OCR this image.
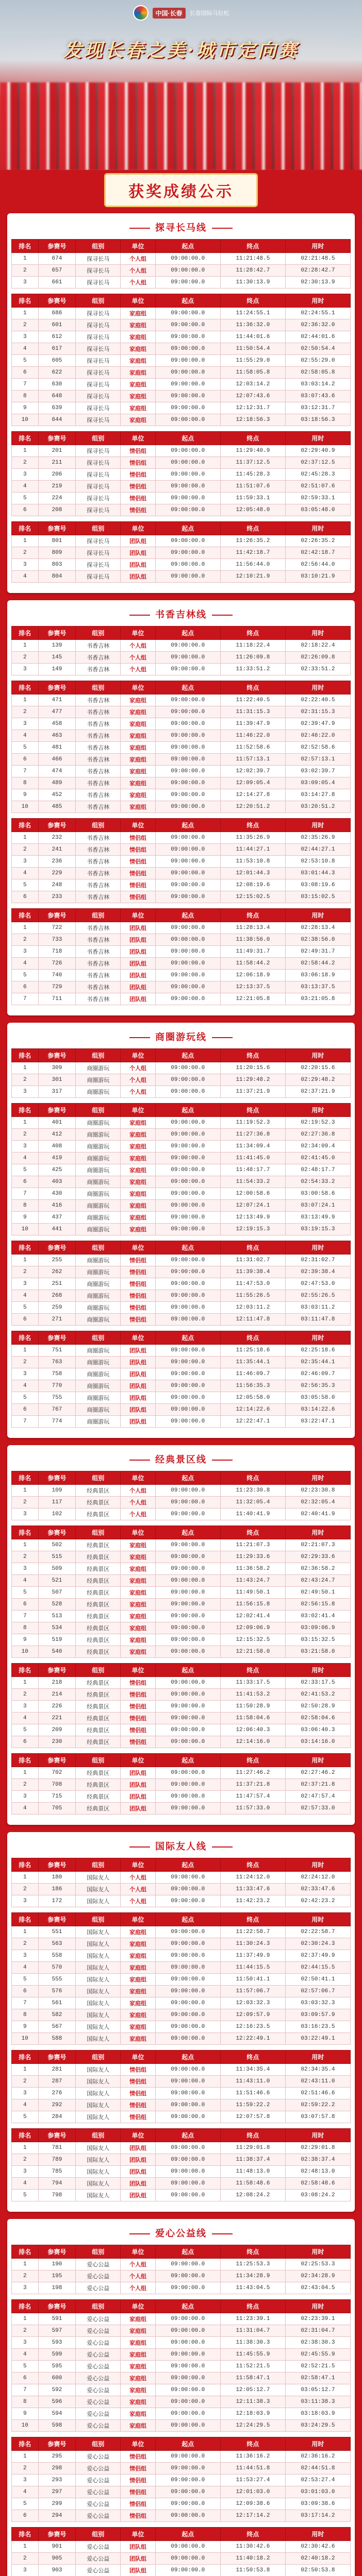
中国·长春	长春国际马拉松
发现长春之美·城市定向赛
获奖成绩公示
探寻长马线
排名	参赛号	组别	单位	起点	终点	用时
1	674	探寻长马	个人组	09:00:00.0	11:21:48.5	02:21:48.5
2	657	探寻长马	个人组	09:00:00.0	11:28:42.7	02:28:42.7
3	661	探寻长马	个人组	09:00:00.0	11:30:13.9	02:30:13.9
排名	参赛号	组别	单位	起点	终点	用时
1	686	探寻长马	家庭组	09:00:00.0	11:24:55.1	02:24:55.1
2	601	探寻长马	家庭组	09:00:00.0	11:36:32.0	02:36:32.0
3	612	探寻长马	家庭组	09:00:00.0	11:44:01.6	02:44:01.6
4	617	探寻长马	家庭组	09:00:00.0	11:50:54.4	02:50:54.4
5	605	探寻长马	家庭组	09:00:00.0	11:55:29.0	02:55:29.0
6	622	探寻长马	家庭组	09:00:00.0	11:58:05.8	02:58:05.8
7	630	探寻长马	家庭组	09:00:00.0	12:03:14.2	03:03:14.2
8	648	探寻长马	家庭组	09:00:00.0	12:07:43.6	03:07:43.6
9	639	探寻长马	家庭组	09:00:00.0	12:12:31.7	03:12:31.7
10	644	探寻长马	家庭组	09:00:00.0	12:18:56.3	03:18:56.3
排名	参赛号	组别	单位	起点	终点	用时
1	201	探寻长马	情侣组	09:00:00.0	11:29:40.9	02:29:40.9
2	211	探寻长马	情侣组	09:00:00.0	11:37:12.5	02:37:12.5
3	206	探寻长马	情侣组	09:00:00.0	11:45:28.3	02:45:28.3
4	219	探寻长马	情侣组	09:00:00.0	11:51:07.6	02:51:07.6
5	224	探寻长马	情侣组	09:00:00.0	11:59:33.1	02:59:33.1
6	208	探寻长马	情侣组	09:00:00.0	12:05:48.0	03:05:48.0
排名	参赛号	组别	单位	起点	终点	用时
1	801	探寻长马	团队组	09:00:00.0	11:26:35.2	02:26:35.2
2	809	探寻长马	团队组	09:00:00.0	11:42:18.7	02:42:18.7
3	803	探寻长马	团队组	09:00:00.0	11:56:44.0	02:56:44.0
4	804	探寻长马	团队组	09:00:00.0	12:10:21.9	03:10:21.9
书香吉林线
排名	参赛号	组别	单位	起点	终点	用时
1	139	书香吉林	个人组	09:00:00.0	11:18:22.4	02:18:22.4
2	145	书香吉林	个人组	09:00:00.0	11:26:09.8	02:26:09.8
3	149	书香吉林	个人组	09:00:00.0	11:33:51.2	02:33:51.2
排名	参赛号	组别	单位	起点	终点	用时
1	471	书香吉林	家庭组	09:00:00.0	11:22:40.5	02:22:40.5
2	477	书香吉林	家庭组	09:00:00.0	11:31:15.3	02:31:15.3
3	458	书香吉林	家庭组	09:00:00.0	11:39:47.9	02:39:47.9
4	463	书香吉林	家庭组	09:00:00.0	11:46:22.0	02:46:22.0
5	481	书香吉林	家庭组	09:00:00.0	11:52:58.6	02:52:58.6
6	466	书香吉林	家庭组	09:00:00.0	11:57:13.1	02:57:13.1
7	474	书香吉林	家庭组	09:00:00.0	12:02:39.7	03:02:39.7
8	489	书香吉林	家庭组	09:00:00.0	12:09:05.4	03:09:05.4
9	452	书香吉林	家庭组	09:00:00.0	12:14:27.8	03:14:27.8
10	485	书香吉林	家庭组	09:00:00.0	12:20:51.2	03:20:51.2
排名	参赛号	组别	单位	起点	终点	用时
1	232	书香吉林	情侣组	09:00:00.0	11:35:26.9	02:35:26.9
2	241	书香吉林	情侣组	09:00:00.0	11:44:27.1	02:44:27.1
3	236	书香吉林	情侣组	09:00:00.0	11:53:10.8	02:53:10.8
4	229	书香吉林	情侣组	09:00:00.0	12:01:44.3	03:01:44.3
5	248	书香吉林	情侣组	09:00:00.0	12:08:19.6	03:08:19.6
6	233	书香吉林	情侣组	09:00:00.0	12:15:02.5	03:15:02.5
排名	参赛号	组别	单位	起点	终点	用时
1	722	书香吉林	团队组	09:00:00.0	11:28:13.4	02:28:13.4
2	733	书香吉林	团队组	09:00:00.0	11:38:56.0	02:38:56.0
3	718	书香吉林	团队组	09:00:00.0	11:49:31.7	02:49:31.7
4	726	书香吉林	团队组	09:00:00.0	11:58:44.2	02:58:44.2
5	740	书香吉林	团队组	09:00:00.0	12:06:18.9	03:06:18.9
6	729	书香吉林	团队组	09:00:00.0	12:13:37.5	03:13:37.5
7	711	书香吉林	团队组	09:00:00.0	12:21:05.8	03:21:05.8
商圈游玩线
排名	参赛号	组别	单位	起点	终点	用时
1	309	商圈游玩	个人组	09:00:00.0	11:20:15.6	02:20:15.6
2	301	商圈游玩	个人组	09:00:00.0	11:29:48.2	02:29:48.2
3	317	商圈游玩	个人组	09:00:00.0	11:37:21.9	02:37:21.9
排名	参赛号	组别	单位	起点	终点	用时
1	401	商圈游玩	家庭组	09:00:00.0	11:19:52.3	02:19:52.3
2	412	商圈游玩	家庭组	09:00:00.0	11:27:36.8	02:27:36.8
3	408	商圈游玩	家庭组	09:00:00.0	11:34:09.4	02:34:09.4
4	419	商圈游玩	家庭组	09:00:00.0	11:41:45.0	02:41:45.0
5	425	商圈游玩	家庭组	09:00:00.0	11:48:17.7	02:48:17.7
6	403	商圈游玩	家庭组	09:00:00.0	11:54:33.2	02:54:33.2
7	430	商圈游玩	家庭组	09:00:00.0	12:00:58.6	03:00:58.6
8	416	商圈游玩	家庭组	09:00:00.0	12:07:24.1	03:07:24.1
9	437	商圈游玩	家庭组	09:00:00.0	12:13:49.9	03:13:49.9
10	441	商圈游玩	家庭组	09:00:00.0	12:19:15.3	03:19:15.3
排名	参赛号	组别	单位	起点	终点	用时
1	255	商圈游玩	情侣组	09:00:00.0	11:31:02.7	02:31:02.7
2	262	商圈游玩	情侣组	09:00:00.0	11:39:38.4	02:39:38.4
3	251	商圈游玩	情侣组	09:00:00.0	11:47:53.0	02:47:53.0
4	268	商圈游玩	情侣组	09:00:00.0	11:55:26.5	02:55:26.5
5	259	商圈游玩	情侣组	09:00:00.0	12:03:11.2	03:03:11.2
6	271	商圈游玩	情侣组	09:00:00.0	12:11:47.8	03:11:47.8
排名	参赛号	组别	单位	起点	终点	用时
1	751	商圈游玩	团队组	09:00:00.0	11:25:18.6	02:25:18.6
2	763	商圈游玩	团队组	09:00:00.0	11:35:44.1	02:35:44.1
3	758	商圈游玩	团队组	09:00:00.0	11:46:09.7	02:46:09.7
4	770	商圈游玩	团队组	09:00:00.0	11:56:35.3	02:56:35.3
5	755	商圈游玩	团队组	09:00:00.0	12:05:58.0	03:05:58.0
6	767	商圈游玩	团队组	09:00:00.0	12:14:22.6	03:14:22.6
7	774	商圈游玩	团队组	09:00:00.0	12:22:47.1	03:22:47.1
经典景区线
排名	参赛号	组别	单位	起点	终点	用时
1	109	经典景区	个人组	09:00:00.0	11:23:30.8	02:23:30.8
2	117	经典景区	个人组	09:00:00.0	11:32:05.4	02:32:05.4
3	102	经典景区	个人组	09:00:00.0	11:40:41.9	02:40:41.9
排名	参赛号	组别	单位	起点	终点	用时
1	502	经典景区	家庭组	09:00:00.0	11:21:07.3	02:21:07.3
2	515	经典景区	家庭组	09:00:00.0	11:29:33.6	02:29:33.6
3	509	经典景区	家庭组	09:00:00.0	11:36:58.2	02:36:58.2
4	521	经典景区	家庭组	09:00:00.0	11:43:24.7	02:43:24.7
5	507	经典景区	家庭组	09:00:00.0	11:49:50.1	02:49:50.1
6	528	经典景区	家庭组	09:00:00.0	11:56:15.8	02:56:15.8
7	513	经典景区	家庭组	09:00:00.0	12:02:41.4	03:02:41.4
8	534	经典景区	家庭组	09:00:00.0	12:09:06.9	03:09:06.9
9	519	经典景区	家庭组	09:00:00.0	12:15:32.5	03:15:32.5
10	540	经典景区	家庭组	09:00:00.0	12:21:58.0	03:21:58.0
排名	参赛号	组别	单位	起点	终点	用时
1	218	经典景区	情侣组	09:00:00.0	11:33:17.5	02:33:17.5
2	214	经典景区	情侣组	09:00:00.0	11:41:53.2	02:41:53.2
3	226	经典景区	情侣组	09:00:00.0	11:50:28.9	02:50:28.9
4	221	经典景区	情侣组	09:00:00.0	11:58:04.6	02:58:04.6
5	209	经典景区	情侣组	09:00:00.0	12:06:40.3	03:06:40.3
6	230	经典景区	情侣组	09:00:00.0	12:14:16.0	03:14:16.0
排名	参赛号	组别	单位	起点	终点	用时
1	702	经典景区	团队组	09:00:00.0	11:27:46.2	02:27:46.2
2	708	经典景区	团队组	09:00:00.0	11:37:21.8	02:37:21.8
3	715	经典景区	团队组	09:00:00.0	11:47:57.4	02:47:57.4
4	705	经典景区	团队组	09:00:00.0	11:57:33.0	02:57:33.0
国际友人线
排名	参赛号	组别	单位	起点	终点	用时
1	180	国际友人	个人组	09:00:00.0	11:24:12.0	02:24:12.0
2	186	国际友人	个人组	09:00:00.0	11:33:47.6	02:33:47.6
3	172	国际友人	个人组	09:00:00.0	11:42:23.2	02:42:23.2
排名	参赛号	组别	单位	起点	终点	用时
1	551	国际友人	家庭组	09:00:00.0	11:22:58.7	02:22:58.7
2	563	国际友人	家庭组	09:00:00.0	11:30:24.3	02:30:24.3
3	558	国际友人	家庭组	09:00:00.0	11:37:49.9	02:37:49.9
4	570	国际友人	家庭组	09:00:00.0	11:44:15.5	02:44:15.5
5	555	国际友人	家庭组	09:00:00.0	11:50:41.1	02:50:41.1
6	576	国际友人	家庭组	09:00:00.0	11:57:06.7	02:57:06.7
7	561	国际友人	家庭组	09:00:00.0	12:03:32.3	03:03:32.3
8	582	国际友人	家庭组	09:00:00.0	12:09:57.9	03:09:57.9
9	567	国际友人	家庭组	09:00:00.0	12:16:23.5	03:16:23.5
10	588	国际友人	家庭组	09:00:00.0	12:22:49.1	03:22:49.1
排名	参赛号	组别	单位	起点	终点	用时
1	281	国际友人	情侣组	09:00:00.0	11:34:35.4	02:34:35.4
2	287	国际友人	情侣组	09:00:00.0	11:43:11.0	02:43:11.0
3	276	国际友人	情侣组	09:00:00.0	11:51:46.6	02:51:46.6
4	292	国际友人	情侣组	09:00:00.0	11:59:22.2	02:59:22.2
5	284	国际友人	情侣组	09:00:00.0	12:07:57.8	03:07:57.8
排名	参赛号	组别	单位	起点	终点	用时
1	781	国际友人	团队组	09:00:00.0	11:29:01.8	02:29:01.8
2	789	国际友人	团队组	09:00:00.0	11:38:37.4	02:38:37.4
3	785	国际友人	团队组	09:00:00.0	11:48:13.0	02:48:13.0
4	794	国际友人	团队组	09:00:00.0	11:58:48.6	02:58:48.6
5	798	国际友人	团队组	09:00:00.0	12:08:24.2	03:08:24.2
爱心公益线
排名	参赛号	组别	单位	起点	终点	用时
1	190	爱心公益	个人组	09:00:00.0	11:25:53.3	02:25:53.3
2	195	爱心公益	个人组	09:00:00.0	11:34:28.9	02:34:28.9
3	198	爱心公益	个人组	09:00:00.0	11:43:04.5	02:43:04.5
排名	参赛号	组别	单位	起点	终点	用时
1	591	爱心公益	家庭组	09:00:00.0	11:23:39.1	02:23:39.1
2	597	爱心公益	家庭组	09:00:00.0	11:31:04.7	02:31:04.7
3	593	爱心公益	家庭组	09:00:00.0	11:38:30.3	02:38:30.3
4	599	爱心公益	家庭组	09:00:00.0	11:45:55.9	02:45:55.9
5	595	爱心公益	家庭组	09:00:00.0	11:52:21.5	02:52:21.5
6	600	爱心公益	家庭组	09:00:00.0	11:58:47.1	02:58:47.1
7	592	爱心公益	家庭组	09:00:00.0	12:05:12.7	03:05:12.7
8	596	爱心公益	家庭组	09:00:00.0	12:11:38.3	03:11:38.3
9	594	爱心公益	家庭组	09:00:00.0	12:18:03.9	03:18:03.9
10	598	爱心公益	家庭组	09:00:00.0	12:24:29.5	03:24:29.5
排名	参赛号	组别	单位	起点	终点	用时
1	295	爱心公益	情侣组	09:00:00.0	11:36:16.2	02:36:16.2
2	298	爱心公益	情侣组	09:00:00.0	11:44:51.8	02:44:51.8
3	293	爱心公益	情侣组	09:00:00.0	11:53:27.4	02:53:27.4
4	297	爱心公益	情侣组	09:00:00.0	12:01:03.0	03:01:03.0
5	299	爱心公益	情侣组	09:00:00.0	12:09:38.6	03:09:38.6
6	294	爱心公益	情侣组	09:00:00.0	12:17:14.2	03:17:14.2
排名	参赛号	组别	单位	起点	终点	用时
1	901	爱心公益	团队组	09:00:00.0	11:30:42.6	02:30:42.6
2	905	爱心公益	团队组	09:00:00.0	11:40:18.2	02:40:18.2
3	903	爱心公益	团队组	09:00:00.0	11:50:53.8	02:50:53.8
